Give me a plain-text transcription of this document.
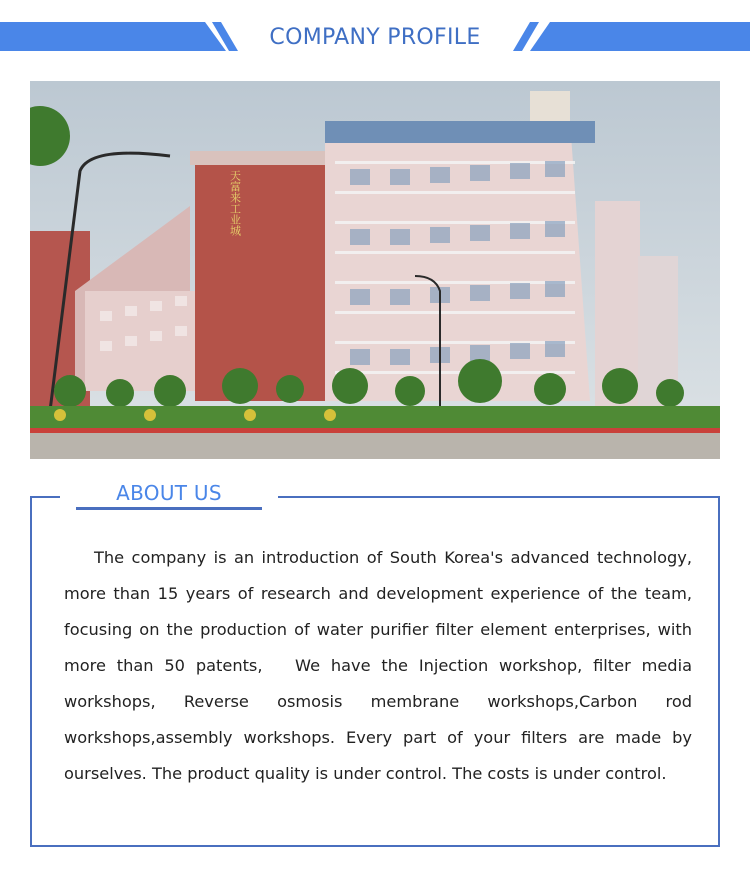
COMPANY PROFILE
天富来工业城
ABOUT US

The company is an introduction of South Korea's advanced technology, more than 15 years of research and development experience of the team, focusing on the production of water purifier filter element enterprises, with more than 50 patents,   We have the Injection workshop, filter media workshops, Reverse osmosis membrane workshops,Carbon rod workshops,assembly workshops. Every part of your filters are made by ourselves. The product quality is under control. The costs is under control.
